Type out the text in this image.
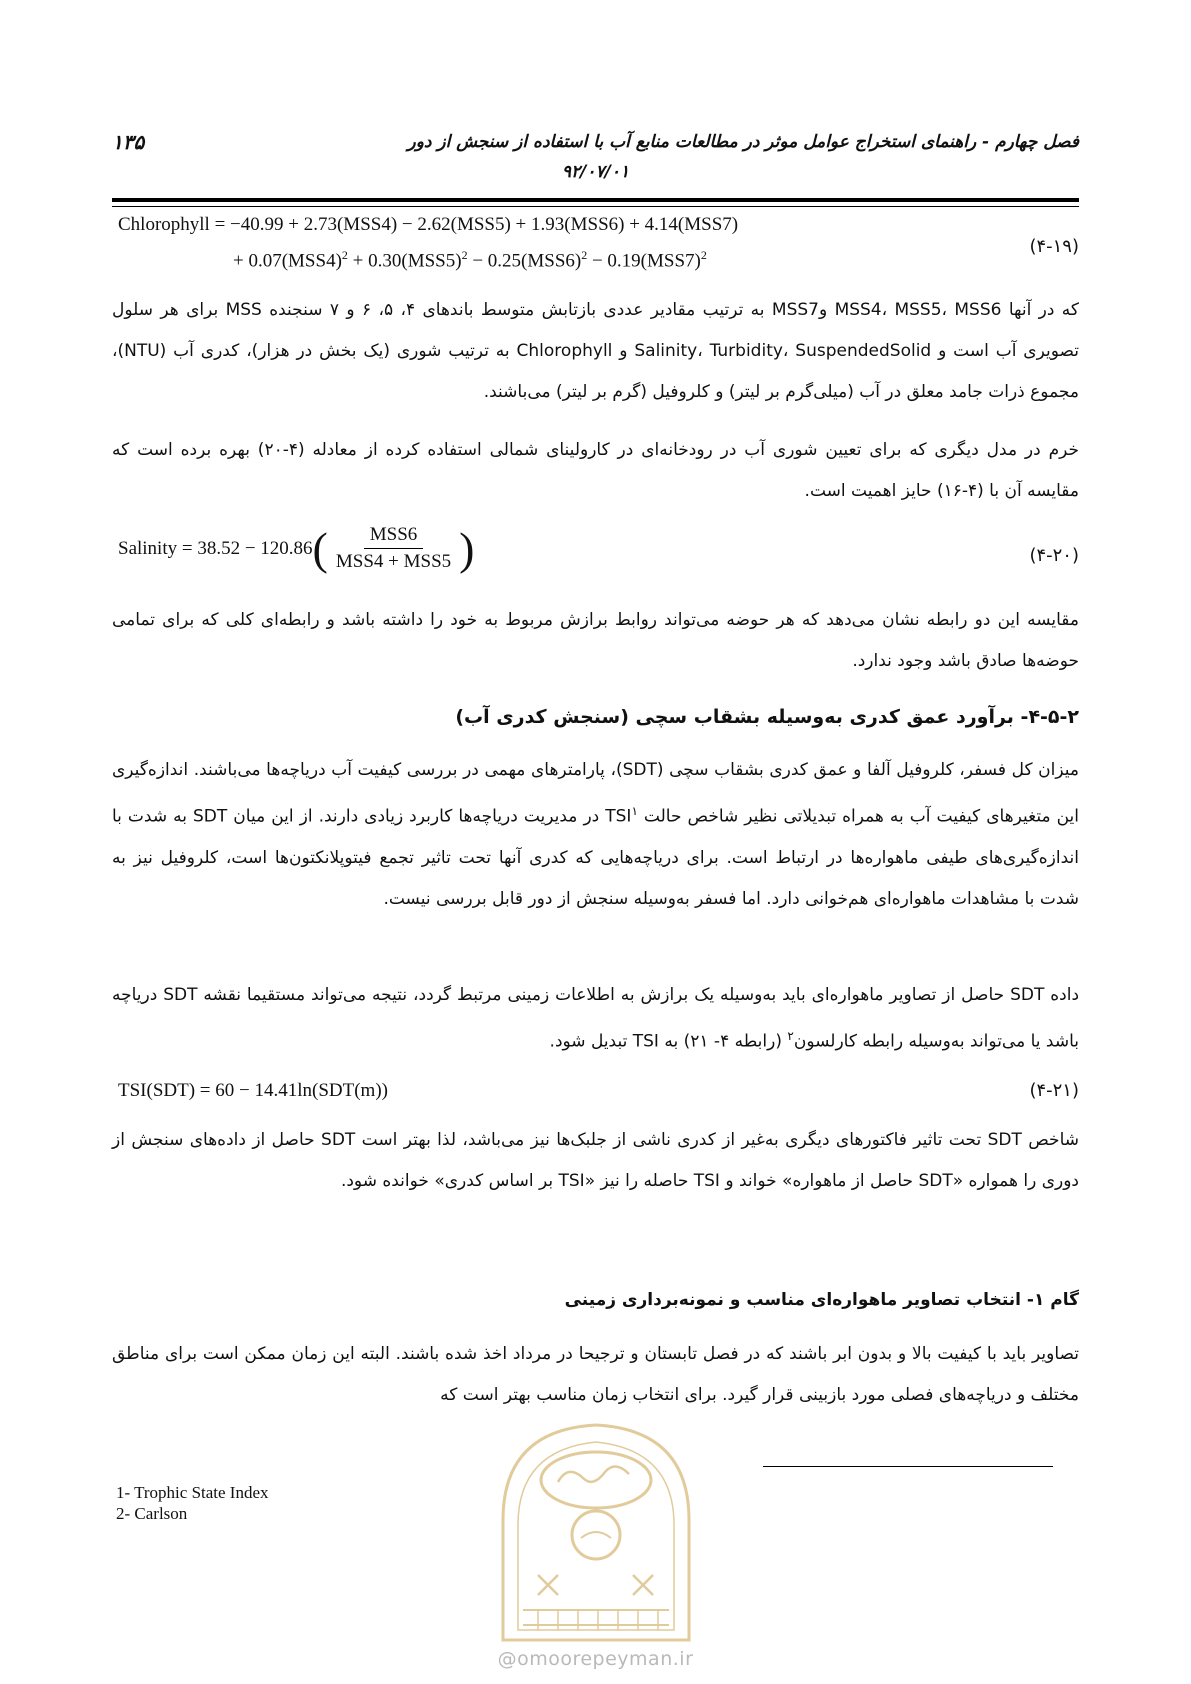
فصل چهارم - راهنمای استخراج عوامل موثر در مطالعات منابع آب با استفاده از سنجش از دور
۹۲/۰۷/۰۱
۱۳۵
Chlorophyll = −40.99 + 2.73(MSS4) − 2.62(MSS5) + 1.93(MSS6) + 4.14(MSS7)
+ $0.07(MSS4)^2 + 0.30(MSS5)^2 - 0.25(MSS6)^2 - 0.19(MSS7)^2$	(۴-۱۹)
که در آنها MSS4، MSS5، MSS6 وMSS7 به ترتیب مقادیر عددی بازتابش متوسط باندهای ۴، ۵، ۶ و ۷ سنجنده MSS برای هر سلول تصویری آب است و Salinity، Turbidity، SuspendedSolid و Chlorophyll به ترتیب شوری (یک بخش در هزار)، کدری آب (NTU)، مجموع ذرات جامد معلق در آب (میلی‌گرم بر لیتر) و کلروفیل (گرم بر لیتر) می‌باشند.
خرم در مدل دیگری که برای تعیین شوری آب در رودخانه‌ای در کارولینای شمالی استفاده کرده از معادله (۴-۲۰) بهره برده است که مقایسه آن با (۴-۱۶) حایز اهمیت است.
Salinity = 38.52 − 120.86 ( $\frac{\text{MSS6}}{\text{MSS4 + MSS5}}$ )	(۴-۲۰)
مقایسه این دو رابطه نشان می‌دهد که هر حوضه می‌تواند روابط برازش مربوط به خود را داشته باشد و رابطه‌ای کلی که برای تمامی حوضه‌ها صادق باشد وجود ندارد.
۴-۵-۲- برآورد عمق کدری به‌وسیله بشقاب سچی (سنجش کدری آب)
میزان کل فسفر، کلروفیل آلفا و عمق کدری بشقاب سچی (SDT)، پارامترهای مهمی در بررسی کیفیت آب دریاچه‌ها می‌باشند. اندازه‌گیری این متغیرهای کیفیت آب به همراه تبدیلاتی نظیر شاخص حالت TSI$^۱$ در مدیریت دریاچه‌ها کاربرد زیادی دارند. از این میان SDT به شدت با اندازه‌گیری‌های طیفی ماهواره‌ها در ارتباط است. برای دریاچه‌هایی که کدری آنها تحت تاثیر تجمع فیتوپلانکتون‌ها است، کلروفیل نیز به شدت با مشاهدات ماهواره‌ای هم‌خوانی دارد. اما فسفر به‌وسیله سنجش از دور قابل بررسی نیست.
داده SDT حاصل از تصاویر ماهواره‌ای باید به‌وسیله یک برازش به اطلاعات زمینی مرتبط گردد، نتیجه می‌تواند مستقیما نقشه SDT دریاچه باشد یا می‌تواند به‌وسیله رابطه کارلسون$^۲$ (رابطه ۴- ۲۱) به TSI تبدیل شود.
TSI(SDT) = 60 − 14.41ln(SDT(m))	(۴-۲۱)
شاخص SDT تحت تاثیر فاکتورهای دیگری به‌غیر از کدری ناشی از جلبک‌ها نیز می‌باشد، لذا بهتر است SDT حاصل از داده‌های سنجش از دوری را همواره «SDT حاصل از ماهواره» خواند و TSI حاصله را نیز «TSI بر اساس کدری» خوانده شود.
گام ۱- انتخاب تصاویر ماهواره‌ای مناسب و نمونه‌برداری زمینی
تصاویر باید با کیفیت بالا و بدون ابر باشند که در فصل تابستان و ترجیحا در مرداد اخذ شده باشند. البته این زمان ممکن است برای مناطق مختلف و دریاچه‌های فصلی مورد بازبینی قرار گیرد. برای انتخاب زمان مناسب بهتر است که
1- Trophic State Index
2- Carlson
@omoorepeyman.ir
